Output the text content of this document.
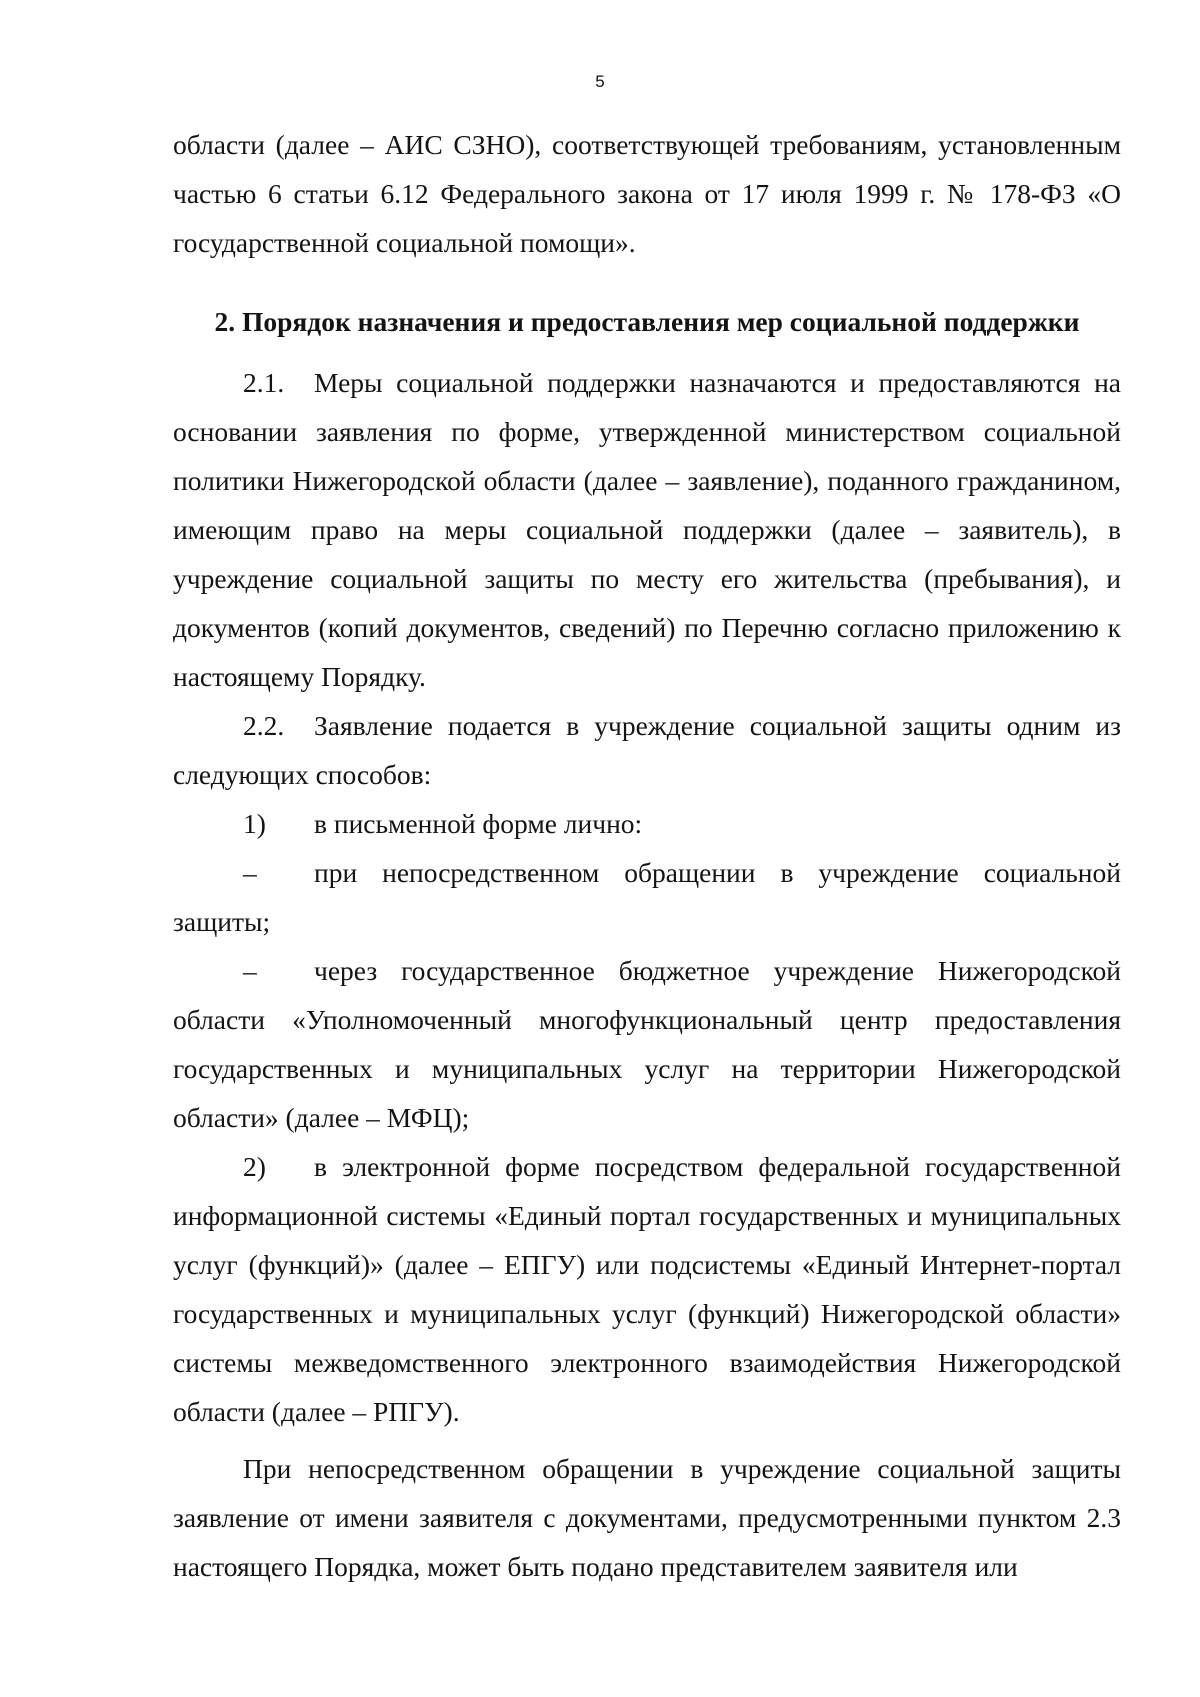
5

области (далее – АИС СЗНО), соответствующей требованиям, установленным частью 6 статьи 6.12 Федерального закона от 17 июля 1999 г. № 178-ФЗ «О государственной социальной помощи».

2. Порядок назначения и предоставления мер социальной поддержки

2.1. Меры социальной поддержки назначаются и предоставляются на основании заявления по форме, утвержденной министерством социальной политики Нижегородской области (далее – заявление), поданного гражданином, имеющим право на меры социальной поддержки (далее – заявитель), в учреждение социальной защиты по месту его жительства (пребывания), и документов (копий документов, сведений) по Перечню согласно приложению к настоящему Порядку.

2.2. Заявление подается в учреждение социальной защиты одним из следующих способов:

1) в письменной форме лично:

– при непосредственном обращении в учреждение социальной защиты;

– через государственное бюджетное учреждение Нижегородской области «Уполномоченный многофункциональный центр предоставления государственных и муниципальных услуг на территории Нижегородской области» (далее – МФЦ);

2) в электронной форме посредством федеральной государственной информационной системы «Единый портал государственных и муниципальных услуг (функций)» (далее – ЕПГУ) или подсистемы «Единый Интернет-портал государственных и муниципальных услуг (функций) Нижегородской области» системы межведомственного электронного взаимодействия Нижегородской области (далее – РПГУ).

При непосредственном обращении в учреждение социальной защиты заявление от имени заявителя с документами, предусмотренными пунктом 2.3 настоящего Порядка, может быть подано представителем заявителя или
